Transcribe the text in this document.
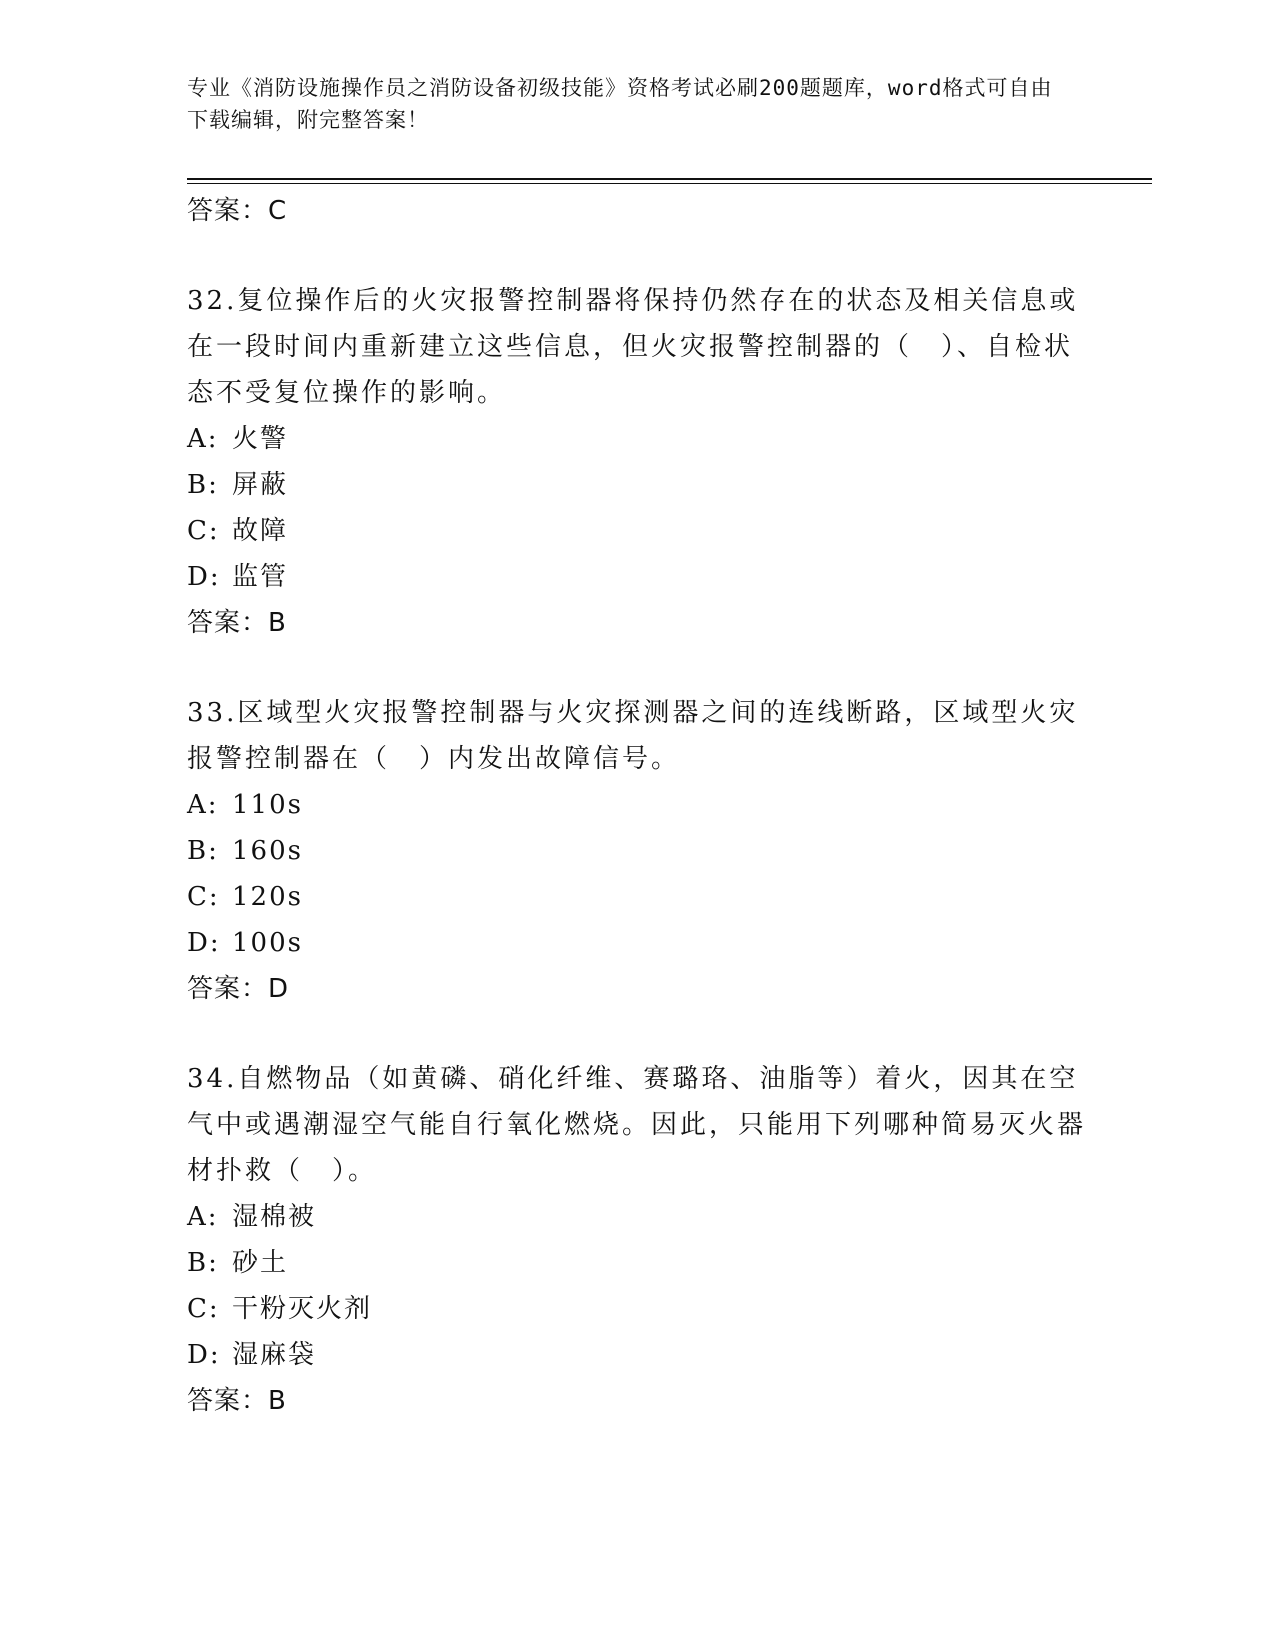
专业《消防设施操作员之消防设备初级技能》资格考试必刷200题题库，word格式可自由下载编辑，附完整答案！
答案：C
32.复位操作后的火灾报警控制器将保持仍然存在的状态及相关信息或在一段时间内重新建立这些信息，但火灾报警控制器的（　）、自检状态不受复位操作的影响。
A: 火警
B: 屏蔽
C: 故障
D: 监管
答案：B
33.区域型火灾报警控制器与火灾探测器之间的连线断路，区域型火灾报警控制器在（　）内发出故障信号。
A: 110s
B: 160s
C: 120s
D: 100s
答案：D
34.自燃物品（如黄磷、硝化纤维、赛璐珞、油脂等）着火，因其在空气中或遇潮湿空气能自行氧化燃烧。因此，只能用下列哪种简易灭火器材扑救（　）。
A: 湿棉被
B: 砂土
C: 干粉灭火剂
D: 湿麻袋
答案：B
